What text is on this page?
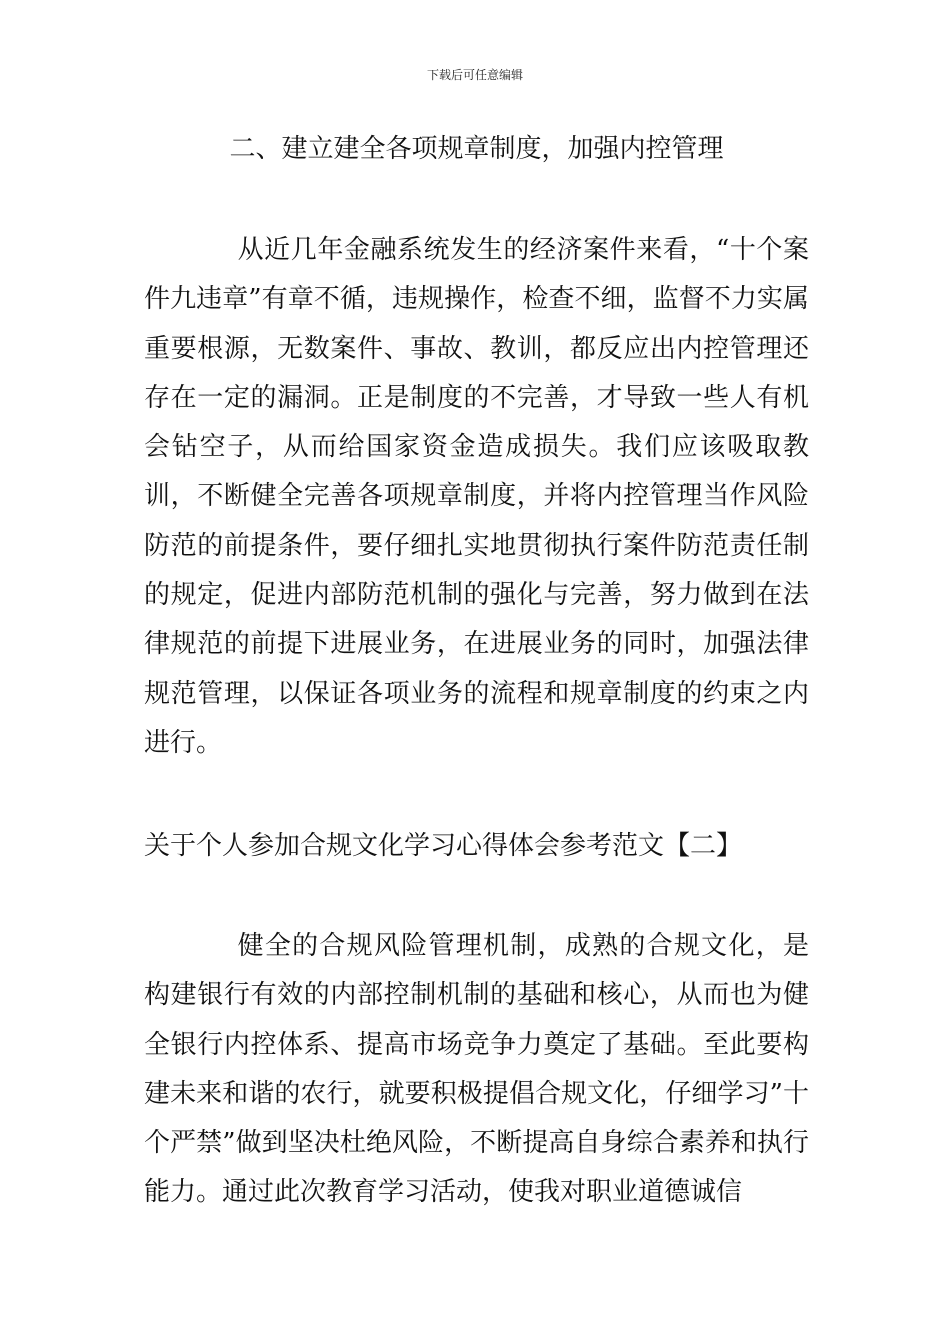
下载后可任意编辑
二、建立建全各项规章制度，加强内控管理

从近几年金融系统发生的经济案件来看，“十个案件九违章”有章不循，违规操作，检查不细，监督不力实属重要根源，无数案件、事故、教训，都反应出内控管理还存在一定的漏洞。正是制度的不完善，才导致一些人有机会钻空子，从而给国家资金造成损失。我们应该吸取教训，不断健全完善各项规章制度，并将内控管理当作风险防范的前提条件，要仔细扎实地贯彻执行案件防范责任制的规定，促进内部防范机制的强化与完善，努力做到在法律规范的前提下进展业务，在进展业务的同时，加强法律规范管理，以保证各项业务的流程和规章制度的约束之内进行。

关于个人参加合规文化学习心得体会参考范文【二】

健全的合规风险管理机制，成熟的合规文化，是构建银行有效的内部控制机制的基础和核心，从而也为健全银行内控体系、提高市场竞争力奠定了基础。至此要构建未来和谐的农行，就要积极提倡合规文化，仔细学习”十个严禁”做到坚决杜绝风险，不断提高自身综合素养和执行能力。通过此次教育学习活动，使我对职业道德诚信
